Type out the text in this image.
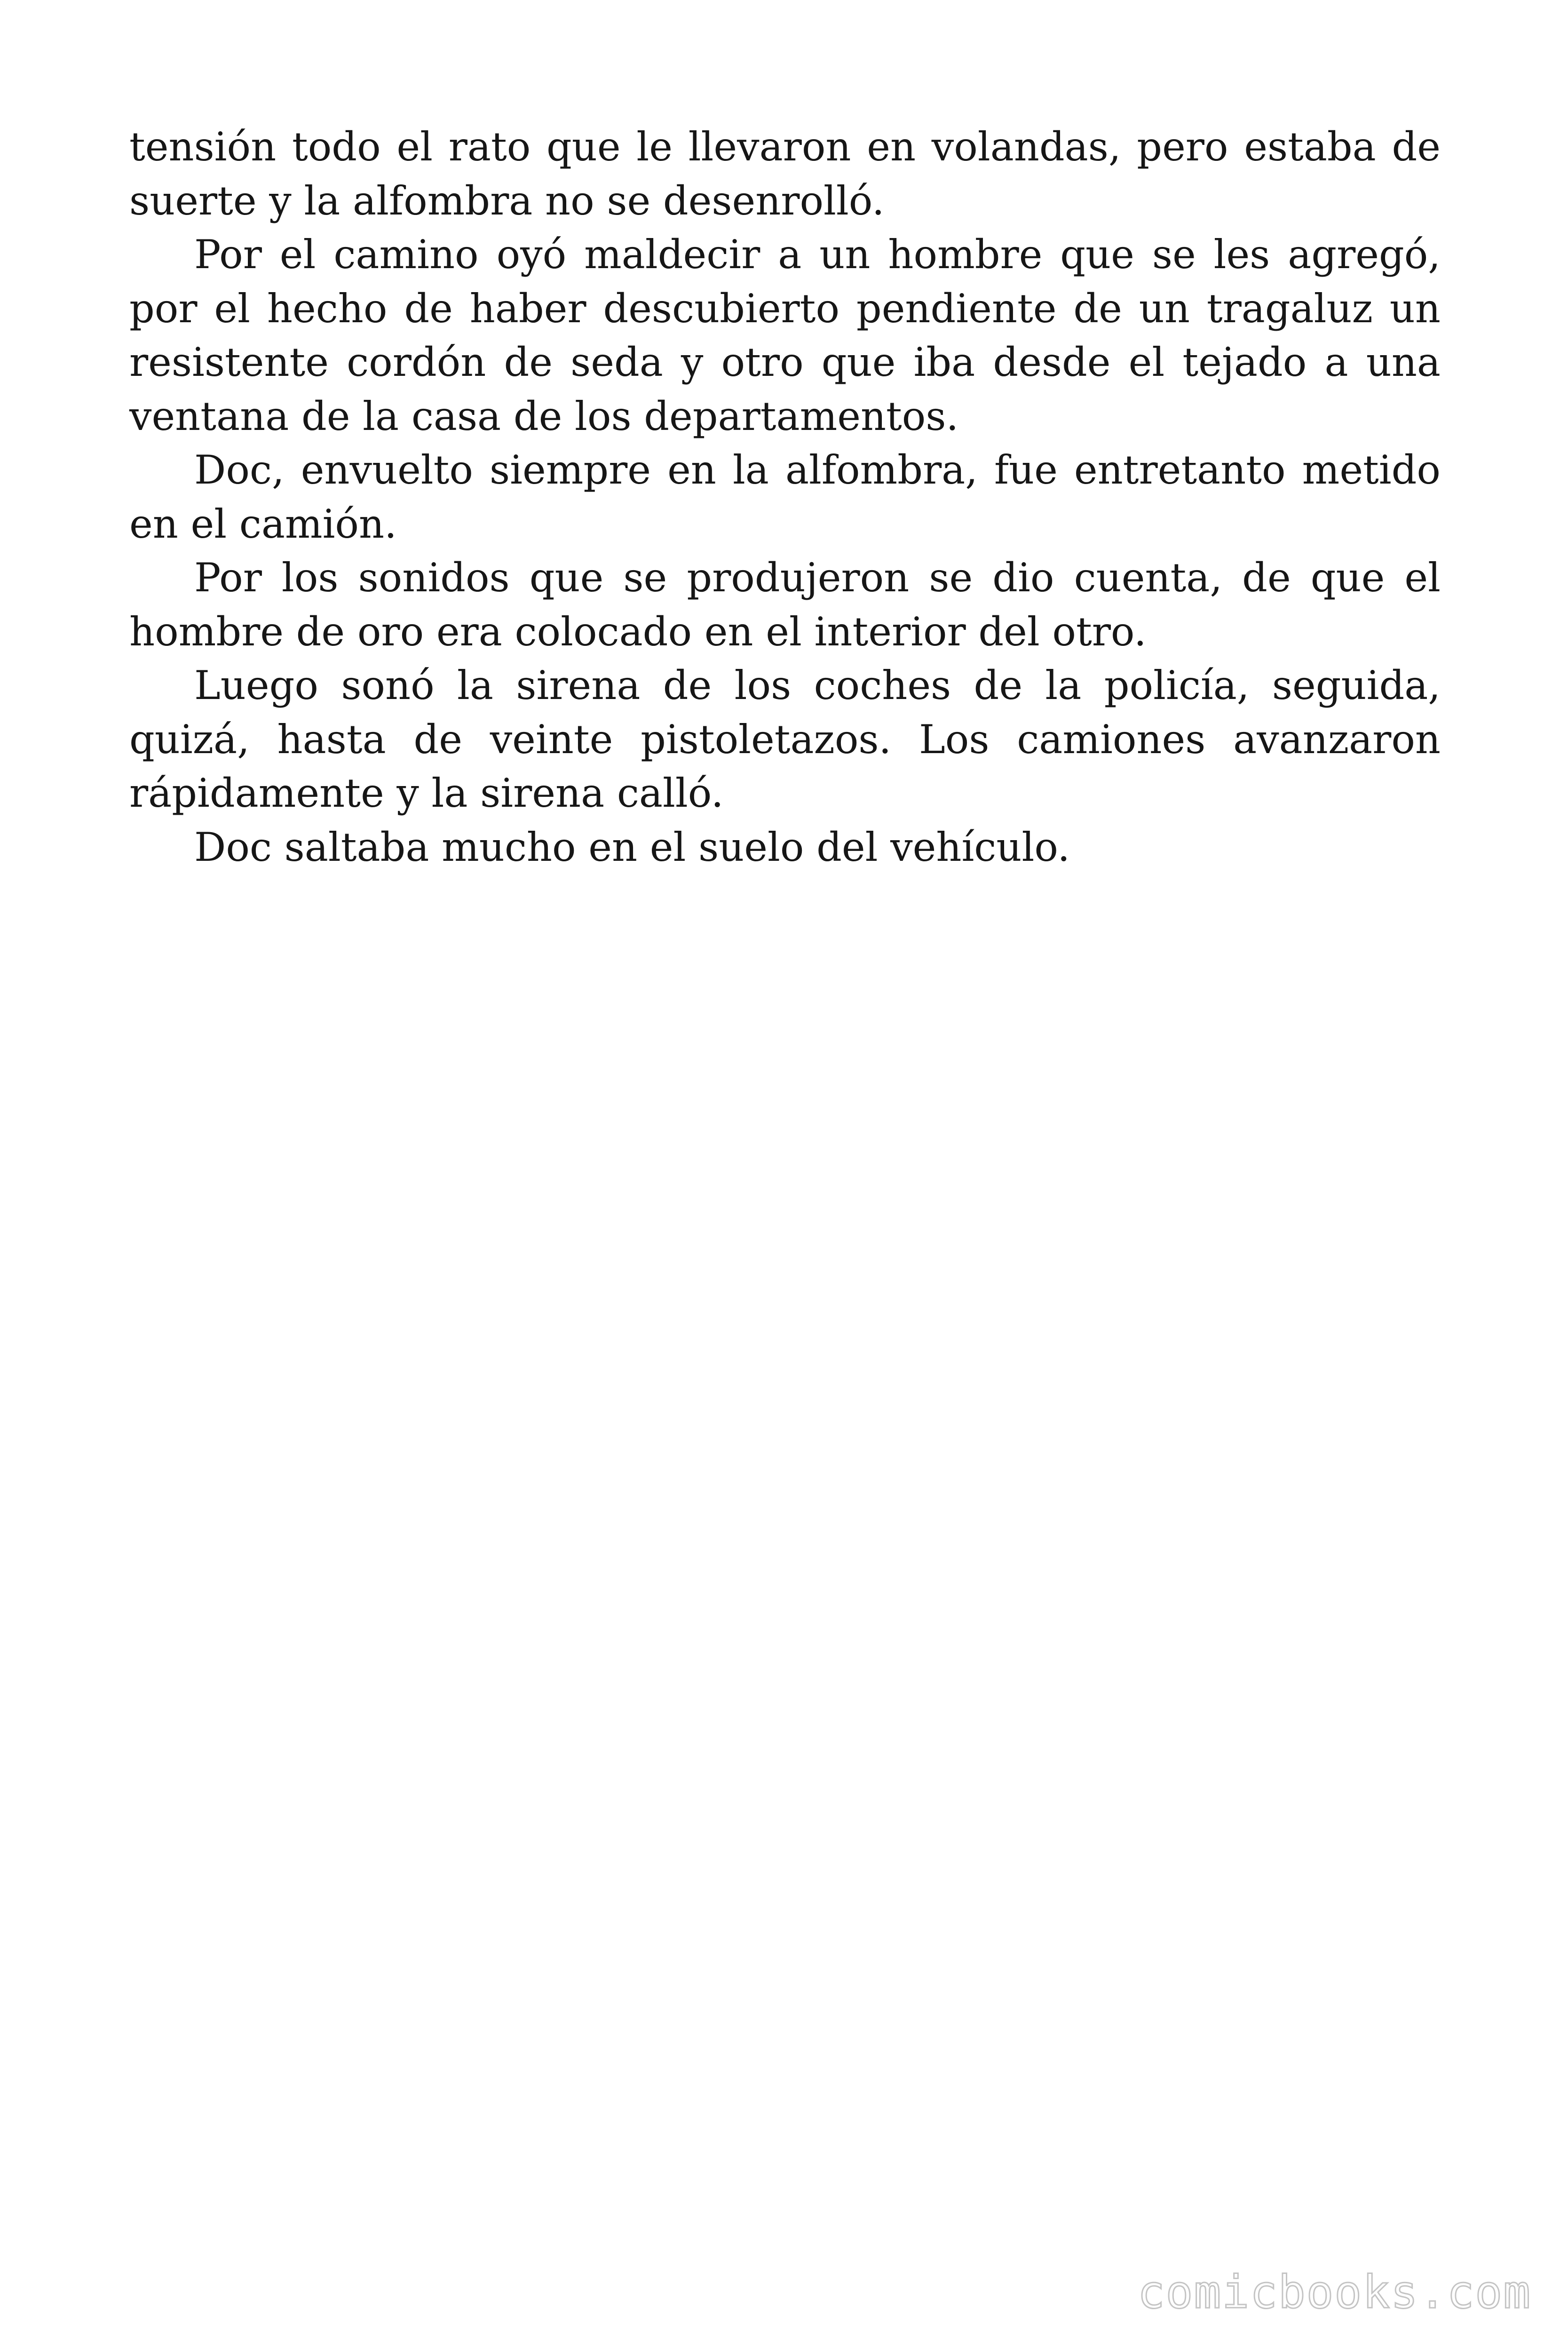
tensión todo el rato que le llevaron en volandas, pero estaba de suerte y la alfombra no se desenrolló.

Por el camino oyó maldecir a un hombre que se les agregó, por el hecho de haber descubierto pendiente de un tragaluz un resistente cordón de seda y otro que iba desde el tejado a una ventana de la casa de los departamentos.

Doc, envuelto siempre en la alfombra, fue entretanto metido en el camión.

Por los sonidos que se produjeron se dio cuenta, de que el hombre de oro era colocado en el interior del otro.

Luego sonó la sirena de los coches de la policía, seguida, quizá, hasta de veinte pistoletazos. Los camiones avanzaron rápidamente y la sirena calló.

Doc saltaba mucho en el suelo del vehículo.

comicbooks.com
